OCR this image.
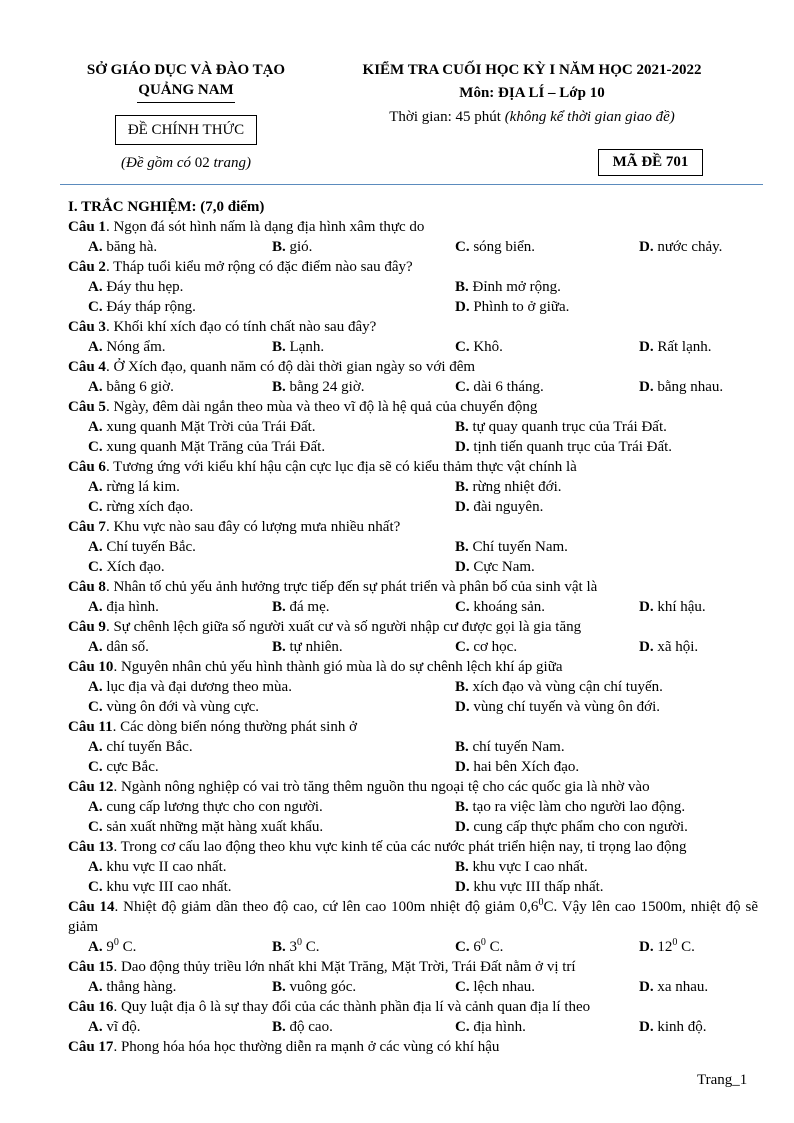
SỞ GIÁO DỤC VÀ ĐÀO TẠO
QUẢNG NAM
ĐỀ CHÍNH THỨC
(Đề gồm có 02 trang)
KIỂM TRA CUỐI HỌC KỲ I NĂM HỌC 2021-2022
Môn: ĐỊA LÍ – Lớp 10
Thời gian: 45 phút (không kể thời gian giao đề)
MÃ ĐỀ 701
I. TRẮC NGHIỆM: (7,0 điểm)
Câu 1. Ngọn đá sót hình nấm là dạng địa hình xâm thực do
A. băng hà.	B. gió.	C. sóng biển.	D. nước chảy.
Câu 2. Tháp tuổi kiểu mở rộng có đặc điểm nào sau đây?
A. Đáy thu hẹp.	B. Đỉnh mở rộng.
C. Đáy tháp rộng.	D. Phình to ở giữa.
Câu 3. Khối khí xích đạo có tính chất nào sau đây?
A. Nóng ẩm.	B. Lạnh.	C. Khô.	D. Rất lạnh.
Câu 4. Ở Xích đạo, quanh năm có độ dài thời gian ngày so với đêm
A. bằng 6 giờ.	B. bằng 24 giờ.	C. dài 6 tháng.	D. bằng nhau.
Câu 5. Ngày, đêm dài ngắn theo mùa và theo vĩ độ là hệ quả của chuyển động
A. xung quanh Mặt Trời của Trái Đất.	B. tự quay quanh trục của Trái Đất.
C. xung quanh Mặt Trăng của Trái Đất.	D. tịnh tiến quanh trục của Trái Đất.
Câu 6. Tương ứng với kiểu khí hậu cận cực lục địa sẽ có kiểu thảm thực vật chính là
A. rừng lá kim.	B. rừng nhiệt đới.
C. rừng xích đạo.	D. đài nguyên.
Câu 7. Khu vực nào sau đây có lượng mưa nhiều nhất?
A. Chí tuyến Bắc.	B. Chí tuyến Nam.
C. Xích đạo.	D. Cực Nam.
Câu 8. Nhân tố chủ yếu ảnh hưởng trực tiếp đến sự phát triển và phân bố của sinh vật là
A. địa hình.	B. đá mẹ.	C. khoáng sản.	D. khí hậu.
Câu 9. Sự chênh lệch giữa số người xuất cư và số người nhập cư được gọi là gia tăng
A. dân số.	B. tự nhiên.	C. cơ học.	D. xã hội.
Câu 10. Nguyên nhân chủ yếu hình thành gió mùa là do sự chênh lệch khí áp giữa
A. lục địa và đại dương theo mùa.	B. xích đạo và vùng cận chí tuyến.
C. vùng ôn đới và vùng cực.	D. vùng chí tuyến và vùng ôn đới.
Câu 11. Các dòng biển nóng thường phát sinh ở
A. chí tuyến Bắc.	B. chí tuyến Nam.
C. cực Bắc.	D. hai bên Xích đạo.
Câu 12. Ngành nông nghiệp có vai trò tăng thêm nguồn thu ngoại tệ cho các quốc gia là nhờ vào
A. cung cấp lương thực cho con người.	B. tạo ra việc làm cho người lao động.
C. sản xuất những mặt hàng xuất khẩu.	D. cung cấp thực phẩm cho con người.
Câu 13. Trong cơ cấu lao động theo khu vực kinh tế của các nước phát triển hiện nay, tỉ trọng lao động
A. khu vực II cao nhất.	B. khu vực I cao nhất.
C. khu vực III cao nhất.	D. khu vực III thấp nhất.
Câu 14. Nhiệt độ giảm dần theo độ cao, cứ lên cao 100m nhiệt độ giảm $0,6^0C$. Vậy lên cao 1500m, nhiệt độ sẽ giảm
A. $9^0$ C.	B. $3^0$ C.	C. $6^0$ C.	D. $12^0$ C.
Câu 15. Dao động thủy triều lớn nhất khi Mặt Trăng, Mặt Trời, Trái Đất nằm ở vị trí
A. thẳng hàng.	B. vuông góc.	C. lệch nhau.	D. xa nhau.
Câu 16. Quy luật địa ô là sự thay đổi của các thành phần địa lí và cảnh quan địa lí theo
A. vĩ độ.	B. độ cao.	C. địa hình.	D. kinh độ.
Câu 17. Phong hóa hóa học thường diễn ra mạnh ở các vùng có khí hậu
Trang_1
